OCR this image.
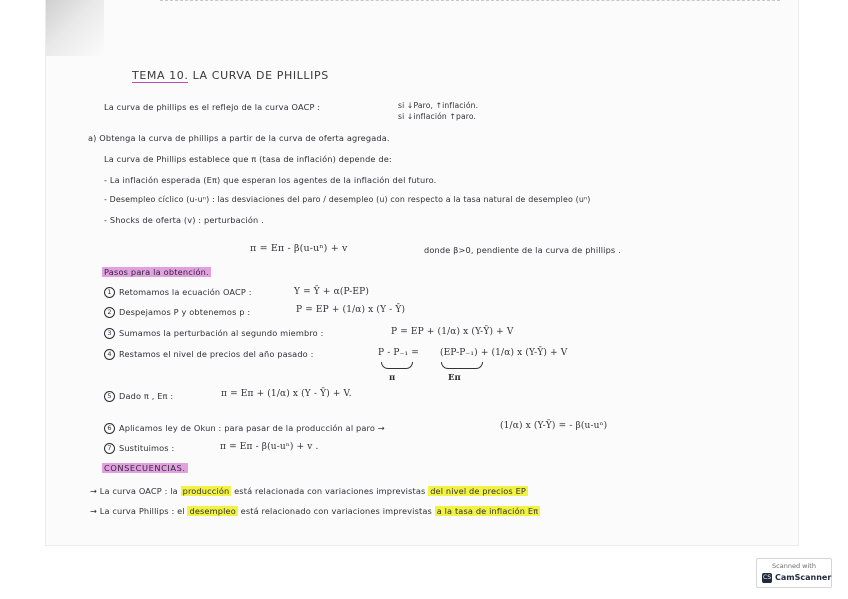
TEMA 10. LA CURVA DE PHILLIPS
La curva de phillips es el reflejo de la curva OACP :	si ↓Paro, ↑inflación.
si ↓inflación ↑paro.
a) Obtenga la curva de phillips a partir de la curva de oferta agregada.
La curva de Phillips establece que π (tasa de inflación) depende de:
- La inflación esperada (Eπ) que esperan los agentes de la inflación del futuro.
- Desempleo cíclico (u-uⁿ) : las desviaciones del paro / desempleo (u) con respecto a la tasa natural de desempleo (uⁿ)
- Shocks de oferta (v) : perturbación .
π = Eπ - β(u-uⁿ) + v	donde β>0, pendiente de la curva de phillips .
Pasos para la obtención.
1 Retomamos la ecuación OACP :	Y = Ȳ + α(P-EP)
2 Despejamos P y obtenemos p :	P = EP + (1/α) x (Y - Ȳ)
3 Sumamos la perturbación al segundo miembro :	P = EP + (1/α) x (Y-Ȳ) + V
4 Restamos el nivel de precios del año pasado :	P - P₋₁ = (EP-P₋₁) + (1/α) x (Y-Ȳ) + V
π	Eπ
5 Dado π , Eπ :	π = Eπ + (1/α) x (Y - Ȳ) + V.
6 Aplicamos ley de Okun : para pasar de la producción al paro →	(1/α) x (Y-Ȳ) = - β(u-uⁿ)
7 Sustituimos :	π = Eπ - β(u-uⁿ) + v .
CONSECUENCIAS.
→ La curva OACP : la producción está relacionada con variaciones imprevistas del nivel de precios EP
→ La curva Phillips : el desempleo está relacionado con variaciones imprevistas a la tasa de inflación Eπ
Scanned with
CS CamScanner
